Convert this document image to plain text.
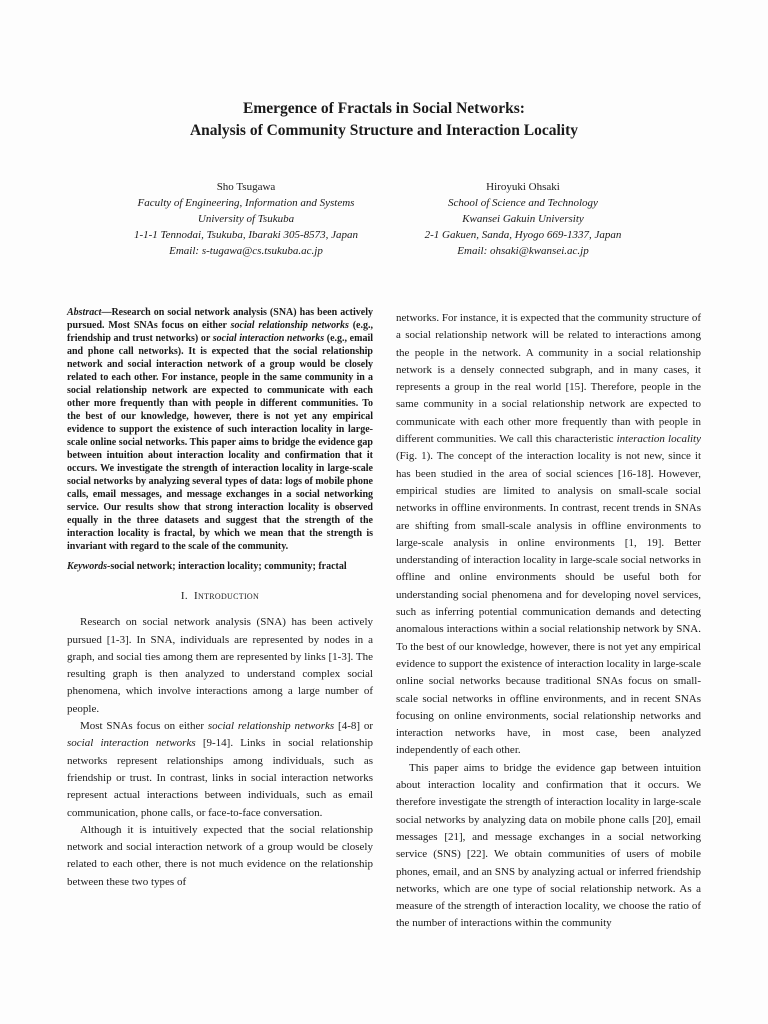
Emergence of Fractals in Social Networks:
Analysis of Community Structure and Interaction Locality
Sho Tsugawa
Faculty of Engineering, Information and Systems
University of Tsukuba
1-1-1 Tennodai, Tsukuba, Ibaraki 305-8573, Japan
Email: s-tugawa@cs.tsukuba.ac.jp
Hiroyuki Ohsaki
School of Science and Technology
Kwansei Gakuin University
2-1 Gakuen, Sanda, Hyogo 669-1337, Japan
Email: ohsaki@kwansei.ac.jp

Abstract—Research on social network analysis (SNA) has been actively pursued. Most SNAs focus on either social relationship networks (e.g., friendship and trust networks) or social interaction networks (e.g., email and phone call networks). It is expected that the social relationship network and social interaction network of a group would be closely related to each other. For instance, people in the same community in a social relationship network are expected to communicate with each other more frequently than with people in different communities. To the best of our knowledge, however, there is not yet any empirical evidence to support the existence of such interaction locality in large-scale online social networks. This paper aims to bridge the evidence gap between intuition about interaction locality and confirmation that it occurs. We investigate the strength of interaction locality in large-scale social networks by analyzing several types of data: logs of mobile phone calls, email messages, and message exchanges in a social networking service. Our results show that strong interaction locality is observed equally in the three datasets and suggest that the strength of the interaction locality is fractal, by which we mean that the strength is invariant with regard to the scale of the community.

Keywords-social network; interaction locality; community; fractal

I. Introduction

Research on social network analysis (SNA) has been actively pursued [1-3]. In SNA, individuals are represented by nodes in a graph, and social ties among them are represented by links [1-3]. The resulting graph is then analyzed to understand complex social phenomena, which involve interactions among a large number of people.

Most SNAs focus on either social relationship networks [4-8] or social interaction networks [9-14]. Links in social relationship networks represent relationships among individuals, such as friendship or trust. In contrast, links in social interaction networks represent actual interactions between individuals, such as email communication, phone calls, or face-to-face conversation.

Although it is intuitively expected that the social relationship network and social interaction network of a group would be closely related to each other, there is not much evidence on the relationship between these two types of

networks. For instance, it is expected that the community structure of a social relationship network will be related to interactions among the people in the network. A community in a social relationship network is a densely connected subgraph, and in many cases, it represents a group in the real world [15]. Therefore, people in the same community in a social relationship network are expected to communicate with each other more frequently than with people in different communities. We call this characteristic interaction locality (Fig. 1). The concept of the interaction locality is not new, since it has been studied in the area of social sciences [16-18]. However, empirical studies are limited to analysis on small-scale social networks in offline environments. In contrast, recent trends in SNAs are shifting from small-scale analysis in offline environments to large-scale analysis in online environments [1, 19]. Better understanding of interaction locality in large-scale social networks in offline and online environments should be useful both for understanding social phenomena and for developing novel services, such as inferring potential communication demands and detecting anomalous interactions within a social relationship network by SNA. To the best of our knowledge, however, there is not yet any empirical evidence to support the existence of interaction locality in large-scale online social networks because traditional SNAs focus on small-scale social networks in offline environments, and in recent SNAs focusing on online environments, social relationship networks and interaction networks have, in most case, been analyzed independently of each other.

This paper aims to bridge the evidence gap between intuition about interaction locality and confirmation that it occurs. We therefore investigate the strength of interaction locality in large-scale social networks by analyzing data on mobile phone calls [20], email messages [21], and message exchanges in a social networking service (SNS) [22]. We obtain communities of users of mobile phones, email, and an SNS by analyzing actual or inferred friendship networks, which are one type of social relationship network. As a measure of the strength of interaction locality, we choose the ratio of the number of interactions within the community
